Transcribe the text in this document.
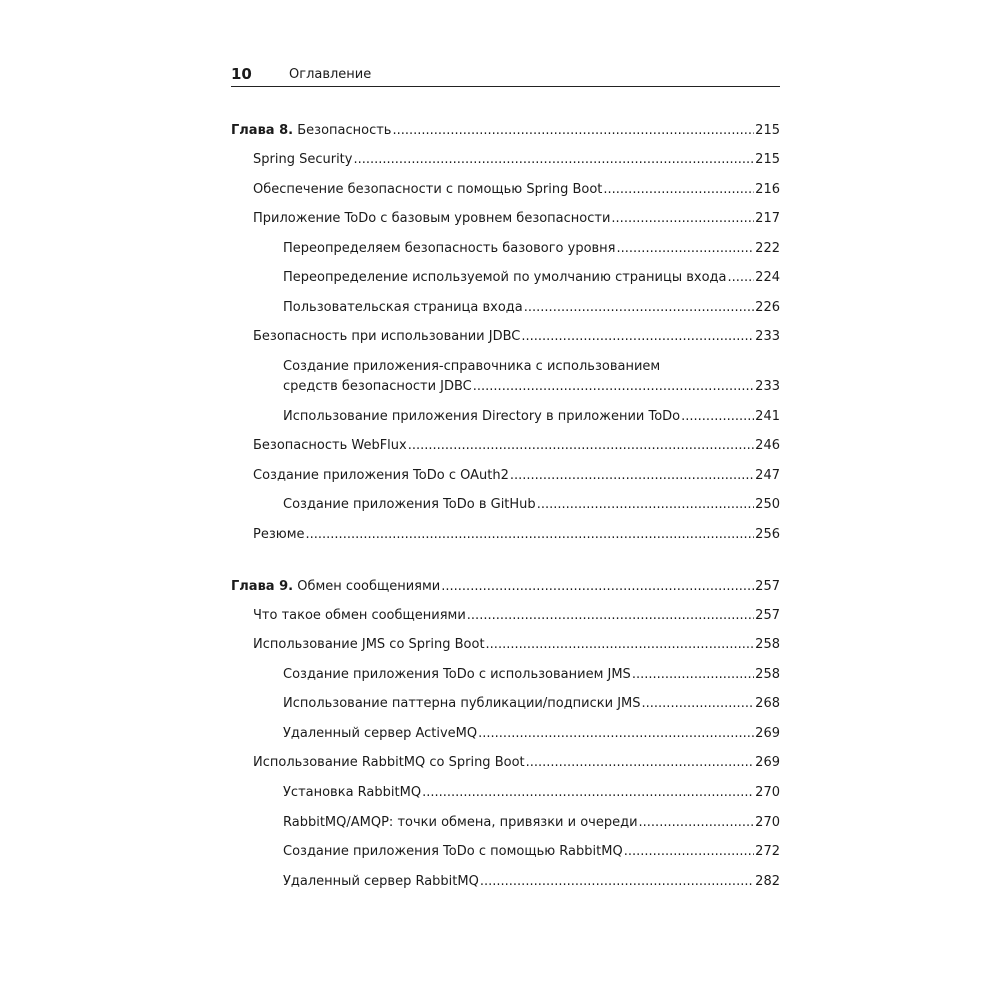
10	Оглавление
Глава 8. Безопасность .....	215
Spring Security .....	215
Обеспечение безопасности с помощью Spring Boot .....	216
Приложение ToDo с базовым уровнем безопасности .....	217
Переопределяем безопасность базового уровня .....	222
Переопределение используемой по умолчанию страницы входа ..... 224
Пользовательская страница входа .....	226
Безопасность при использовании JDBC .....	233
Создание приложения-справочника с использованием
средств безопасности JDBC .....	233
Использование приложения Directory в приложении ToDo .....	241
Безопасность WebFlux .....	246
Создание приложения ToDo с OAuth2 .....	247
Создание приложения ToDo в GitHub .....	250
Резюме .....	256
Глава 9. Обмен сообщениями .....	257
Что такое обмен сообщениями .....	257
Использование JMS со Spring Boot .....	258
Создание приложения ToDo с использованием JMS .....	258
Использование паттерна публикации/подписки JMS .....	268
Удаленный сервер ActiveMQ .....	269
Использование RabbitMQ со Spring Boot .....	269
Установка RabbitMQ .....	270
RabbitMQ/AMQP: точки обмена, привязки и очереди .....	270
Создание приложения ToDo с помощью RabbitMQ .....	272
Удаленный сервер RabbitMQ .....	282
